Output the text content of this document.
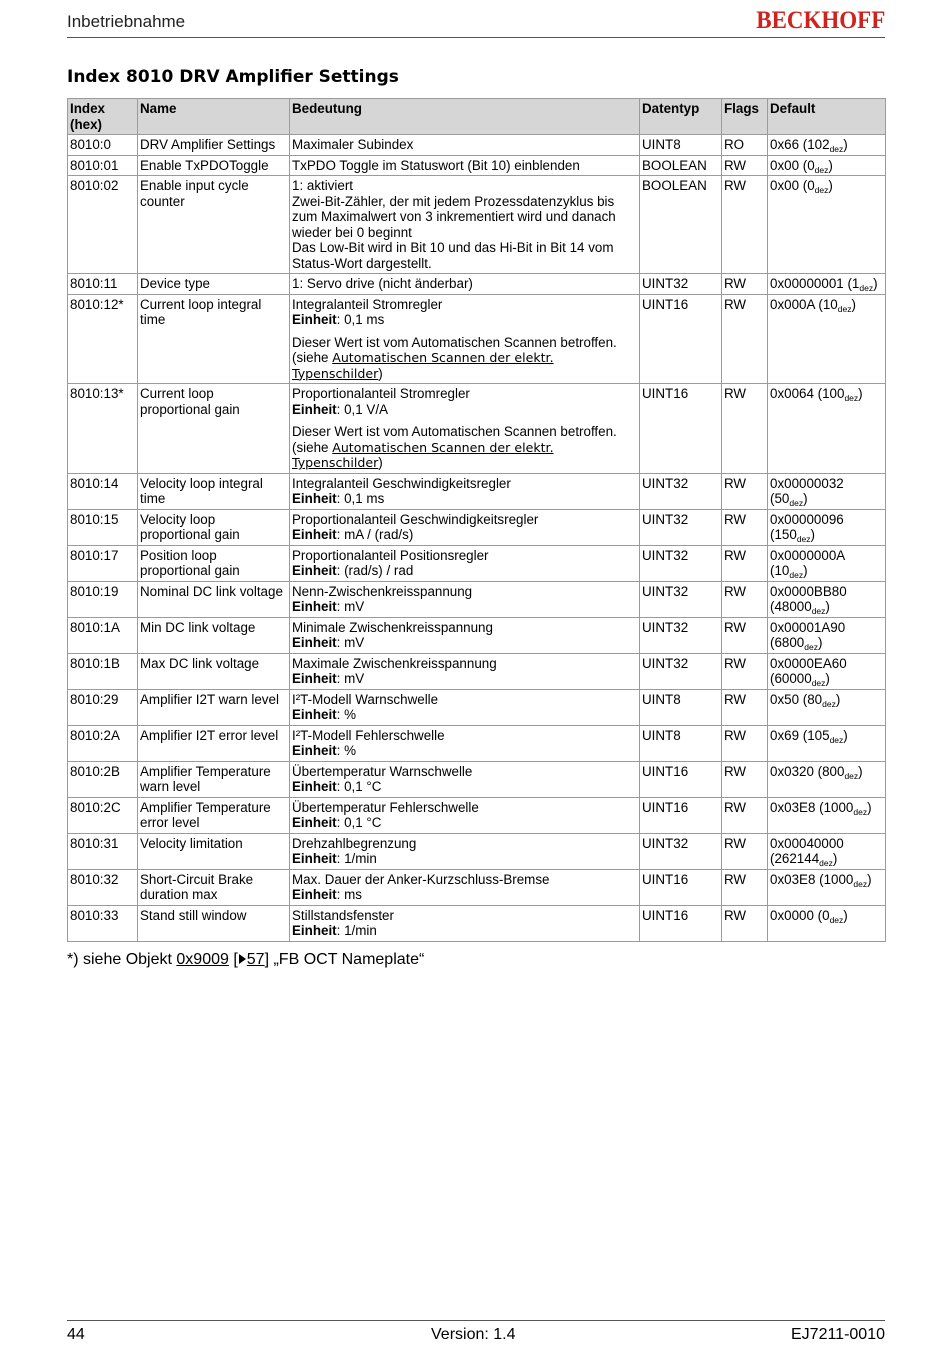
Inbetriebnahme	BECKHOFF
Index 8010 DRV Amplifier Settings
Index (hex)	Name	Bedeutung	Datentyp	Flags	Default
8010:0	DRV Amplifier Settings	Maximaler Subindex	UINT8	RO	0x66 $(102_{dez})$
8010:01	Enable TxPDOToggle	TxPDO Toggle im Statuswort (Bit 10) einblenden	BOOLEAN	RW	0x00 $(0_{dez})$
8010:02	Enable input cycle counter	1: aktiviert
Zwei-Bit-Zähler, der mit jedem Prozessdatenzyklus bis zum Maximalwert von 3 inkrementiert wird und danach wieder bei 0 beginnt
Das Low-Bit wird in Bit 10 und das Hi-Bit in Bit 14 vom Status-Wort dargestellt.	BOOLEAN	RW	0x00 $(0_{dez})$
8010:11	Device type	1: Servo drive (nicht änderbar)	UINT32	RW	0x00000001 $(1_{dez})$
8010:12*	Current loop integral time	Integralanteil Stromregler
Einheit: 0,1 ms
Dieser Wert ist vom Automatischen Scannen betroffen.
(siehe Automatischen Scannen der elektr. Typenschilder)	UINT16	RW	0x000A $(10_{dez})$
8010:13*	Current loop proportional gain	Proportionalanteil Stromregler
Einheit: 0,1 V/A
Dieser Wert ist vom Automatischen Scannen betroffen.
(siehe Automatischen Scannen der elektr. Typenschilder)	UINT16	RW	0x0064 $(100_{dez})$
8010:14	Velocity loop integral time	Integralanteil Geschwindigkeitsregler
Einheit: 0,1 ms	UINT32	RW	0x00000032 $(50_{dez})$
8010:15	Velocity loop proportional gain	Proportionalanteil Geschwindigkeitsregler
Einheit: mA / (rad/s)	UINT32	RW	0x00000096 $(150_{dez})$
8010:17	Position loop proportional gain	Proportionalanteil Positionsregler
Einheit: (rad/s) / rad	UINT32	RW	0x0000000A $(10_{dez})$
8010:19	Nominal DC link voltage	Nenn-Zwischenkreisspannung
Einheit: mV	UINT32	RW	0x0000BB80 $(48000_{dez})$
8010:1A	Min DC link voltage	Minimale Zwischenkreisspannung
Einheit: mV	UINT32	RW	0x00001A90 $(6800_{dez})$
8010:1B	Max DC link voltage	Maximale Zwischenkreisspannung
Einheit: mV	UINT32	RW	0x0000EA60 $(60000_{dez})$
8010:29	Amplifier I2T warn level	I²T-Modell Warnschwelle
Einheit: %	UINT8	RW	0x50 $(80_{dez})$
8010:2A	Amplifier I2T error level	I²T-Modell Fehlerschwelle
Einheit: %	UINT8	RW	0x69 $(105_{dez})$
8010:2B	Amplifier Temperature warn level	Übertemperatur Warnschwelle
Einheit: 0,1 °C	UINT16	RW	0x0320 $(800_{dez})$
8010:2C	Amplifier Temperature error level	Übertemperatur Fehlerschwelle
Einheit: 0,1 °C	UINT16	RW	0x03E8 $(1000_{dez})$
8010:31	Velocity limitation	Drehzahlbegrenzung
Einheit: 1/min	UINT32	RW	0x00040000 $(262144_{dez})$
8010:32	Short-Circuit Brake duration max	Max. Dauer der Anker-Kurzschluss-Bremse
Einheit: ms	UINT16	RW	0x03E8 $(1000_{dez})$
8010:33	Stand still window	Stillstandsfenster
Einheit: 1/min	UINT16	RW	0x0000 $(0_{dez})$
*) siehe Objekt 0x9009 [ 57] „FB OCT Nameplate“
44	Version: 1.4	EJ7211-0010
